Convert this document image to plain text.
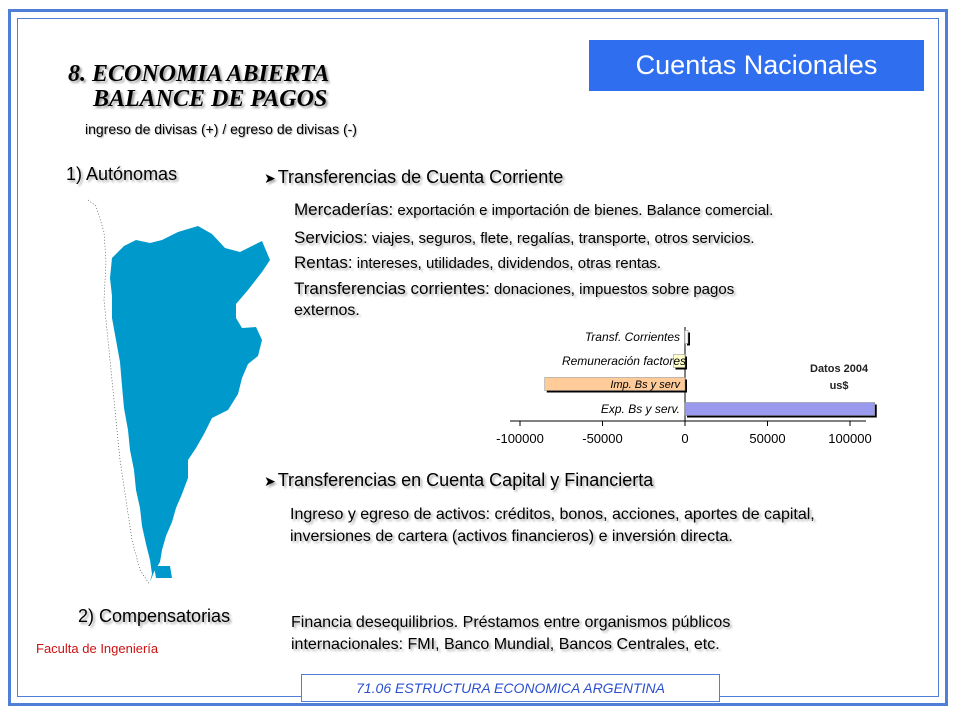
Cuentas Nacionales
8. ECONOMIA ABIERTA
BALANCE DE PAGOS
ingreso de divisas (+) / egreso de divisas (-)
1) Autónomas	➤ Transferencias de Cuenta Corriente
Mercaderías: exportación e importación de bienes. Balance comercial.
Servicios: viajes, seguros, flete, regalías, transporte, otros servicios.
Rentas: intereses, utilidades, dividendos, otras rentas.
Transferencias corrientes: donaciones, impuestos sobre pagos
externos.
-100000	-50000	0	50000	100000
Transf. Corrientes
Remuneración factores
Imp. Bs y serv
Exp. Bs y serv.
Datos 2004
us$
➤ Transferencias en Cuenta Capital y Financierta
Ingreso y egreso de activos: créditos, bonos, acciones, aportes de capital, inversiones de cartera (activos financieros) e inversión directa.
2) Compensatorias	Financia desequilibrios. Préstamos entre organismos públicos internacionales: FMI, Banco Mundial, Bancos Centrales, etc.
Faculta de Ingeniería
71.06 ESTRUCTURA ECONOMICA ARGENTINA
